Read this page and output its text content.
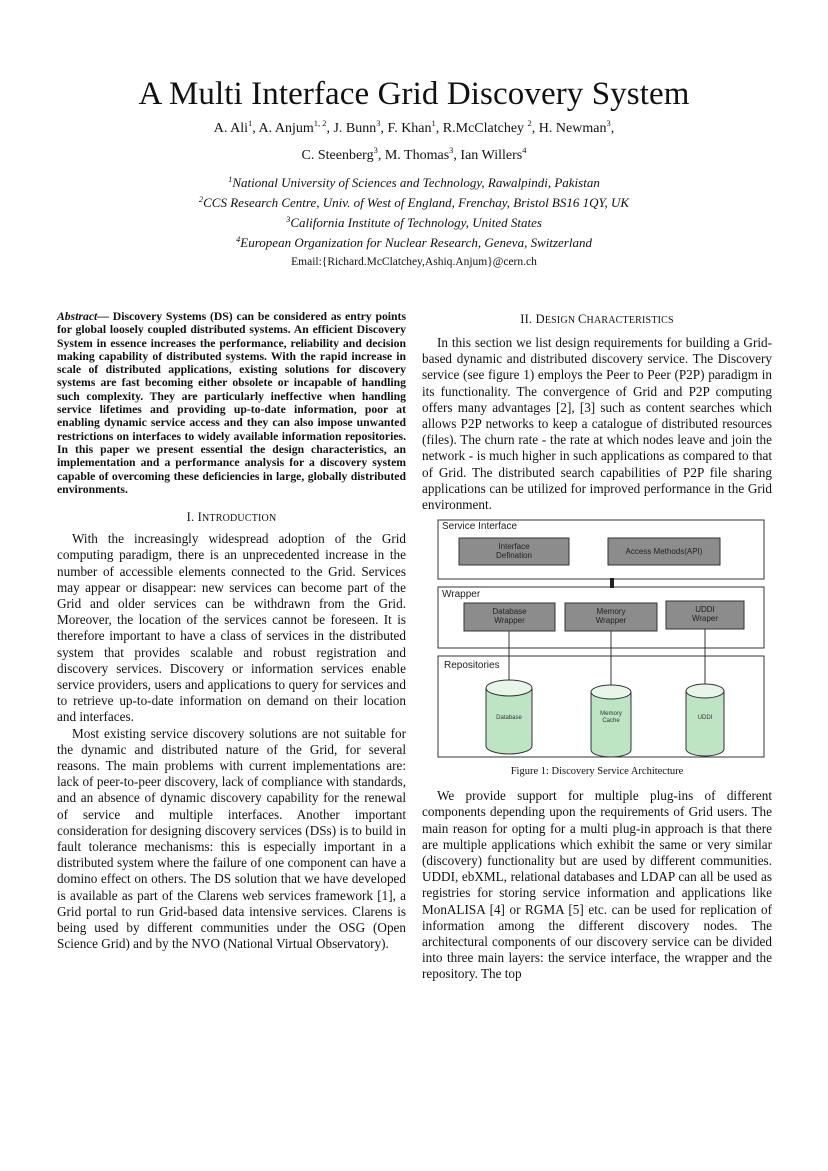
A Multi Interface Grid Discovery System
A. Ali$^1$, A. Anjum$^{1, 2}$, J. Bunn$^3$, F. Khan$^1$, R.McClatchey $^2$, H. Newman$^3$,
C. Steenberg$^3$, M. Thomas$^3$, Ian Willers$^4$
$^1$National University of Sciences and Technology, Rawalpindi, Pakistan
$^2$CCS Research Centre, Univ. of West of England, Frenchay, Bristol BS16 1QY, UK
$^3$California Institute of Technology, United States
$^4$European Organization for Nuclear Research, Geneva, Switzerland
Email:{Richard.McClatchey,Ashiq.Anjum}@cern.ch

Abstract— Discovery Systems (DS) can be considered as entry points for global loosely coupled distributed systems. An efficient Discovery System in essence increases the performance, reliability and decision making capability of distributed systems. With the rapid increase in scale of distributed applications, existing solutions for discovery systems are fast becoming either obsolete or incapable of handling such complexity. They are particularly ineffective when handling service lifetimes and providing up-to-date information, poor at enabling dynamic service access and they can also impose unwanted restrictions on interfaces to widely available information repositories. In this paper we present essential the design characteristics, an implementation and a performance analysis for a discovery system capable of overcoming these deficiencies in large, globally distributed environments.

I. INTRODUCTION

With the increasingly widespread adoption of the Grid computing paradigm, there is an unprecedented increase in the number of accessible elements connected to the Grid. Services may appear or disappear: new services can become part of the Grid and older services can be withdrawn from the Grid. Moreover, the location of the services cannot be foreseen. It is therefore important to have a class of services in the distributed system that provides scalable and robust registration and discovery services. Discovery or information services enable service providers, users and applications to query for services and to retrieve up-to-date information on demand on their location and interfaces.

Most existing service discovery solutions are not suitable for the dynamic and distributed nature of the Grid, for several reasons. The main problems with current implementations are: lack of peer-to-peer discovery, lack of compliance with standards, and an absence of dynamic discovery capability for the renewal of service and multiple interfaces. Another important consideration for designing discovery services (DSs) is to build in fault tolerance mechanisms: this is especially important in a distributed system where the failure of one component can have a domino effect on others. The DS solution that we have developed is available as part of the Clarens web services framework [1], a Grid portal to run Grid-based data intensive services. Clarens is being used by different communities under the OSG (Open Science Grid) and by the NVO (National Virtual Observatory).

II. DESIGN CHARACTERISTICS

In this section we list design requirements for building a Grid-based dynamic and distributed discovery service. The Discovery service (see figure 1) employs the Peer to Peer (P2P) paradigm in its functionality. The convergence of Grid and P2P computing offers many advantages [2], [3] such as content searches which allows P2P networks to keep a catalogue of distributed resources (files). The churn rate - the rate at which nodes leave and join the network - is much higher in such applications as compared to that of Grid. The distributed search capabilities of P2P file sharing applications can be utilized for improved performance in the Grid environment.

Service Interface
Wrapper
Repositories
Interface
Defination	Access Methods(API)
Database
Wrapper
Memory
Wrapper
UDDI
Wraper
Database
Memory
Cache	UDDI
Figure 1: Discovery Service Architecture

We provide support for multiple plug-ins of different components depending upon the requirements of Grid users. The main reason for opting for a multi plug-in approach is that there are multiple applications which exhibit the same or very similar (discovery) functionality but are used by different communities. UDDI, ebXML, relational databases and LDAP can all be used as registries for storing service information and applications like MonALISA [4] or RGMA [5] etc. can be used for replication of information among the different discovery nodes. The architectural components of our discovery service can be divided into three main layers: the service interface, the wrapper and the repository. The top
